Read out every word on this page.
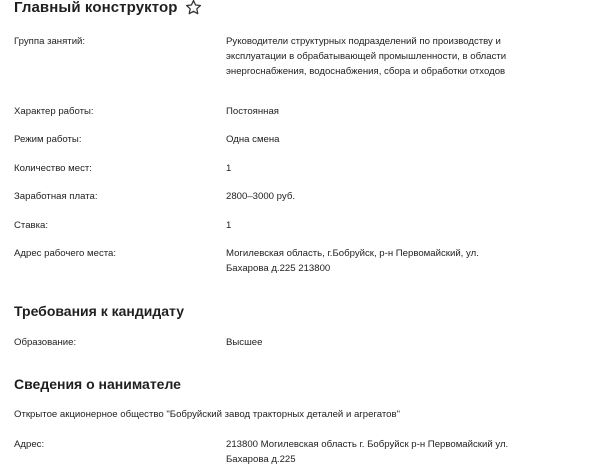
Главный конструктор
Группа занятий:	Руководители структурных подразделений по производству и эксплуатации в обрабатывающей промышленности, в области энергоснабжения, водоснабжения, сбора и обработки отходов
Характер работы:	Постоянная
Режим работы:	Одна смена
Количество мест:	1
Заработная плата:	2800–3000 руб.
Ставка:	1
Адрес рабочего места:	Могилевская область, г.Бобруйск, р-н Первомайский, ул. Бахарова д.225 213800
Требования к кандидату
Образование:	Высшее
Сведения о нанимателе
Открытое акционерное общество "Бобруйский завод тракторных деталей и агрегатов"
Адрес:	213800 Могилевская область г. Бобруйск р-н Первомайский ул. Бахарова д.225
